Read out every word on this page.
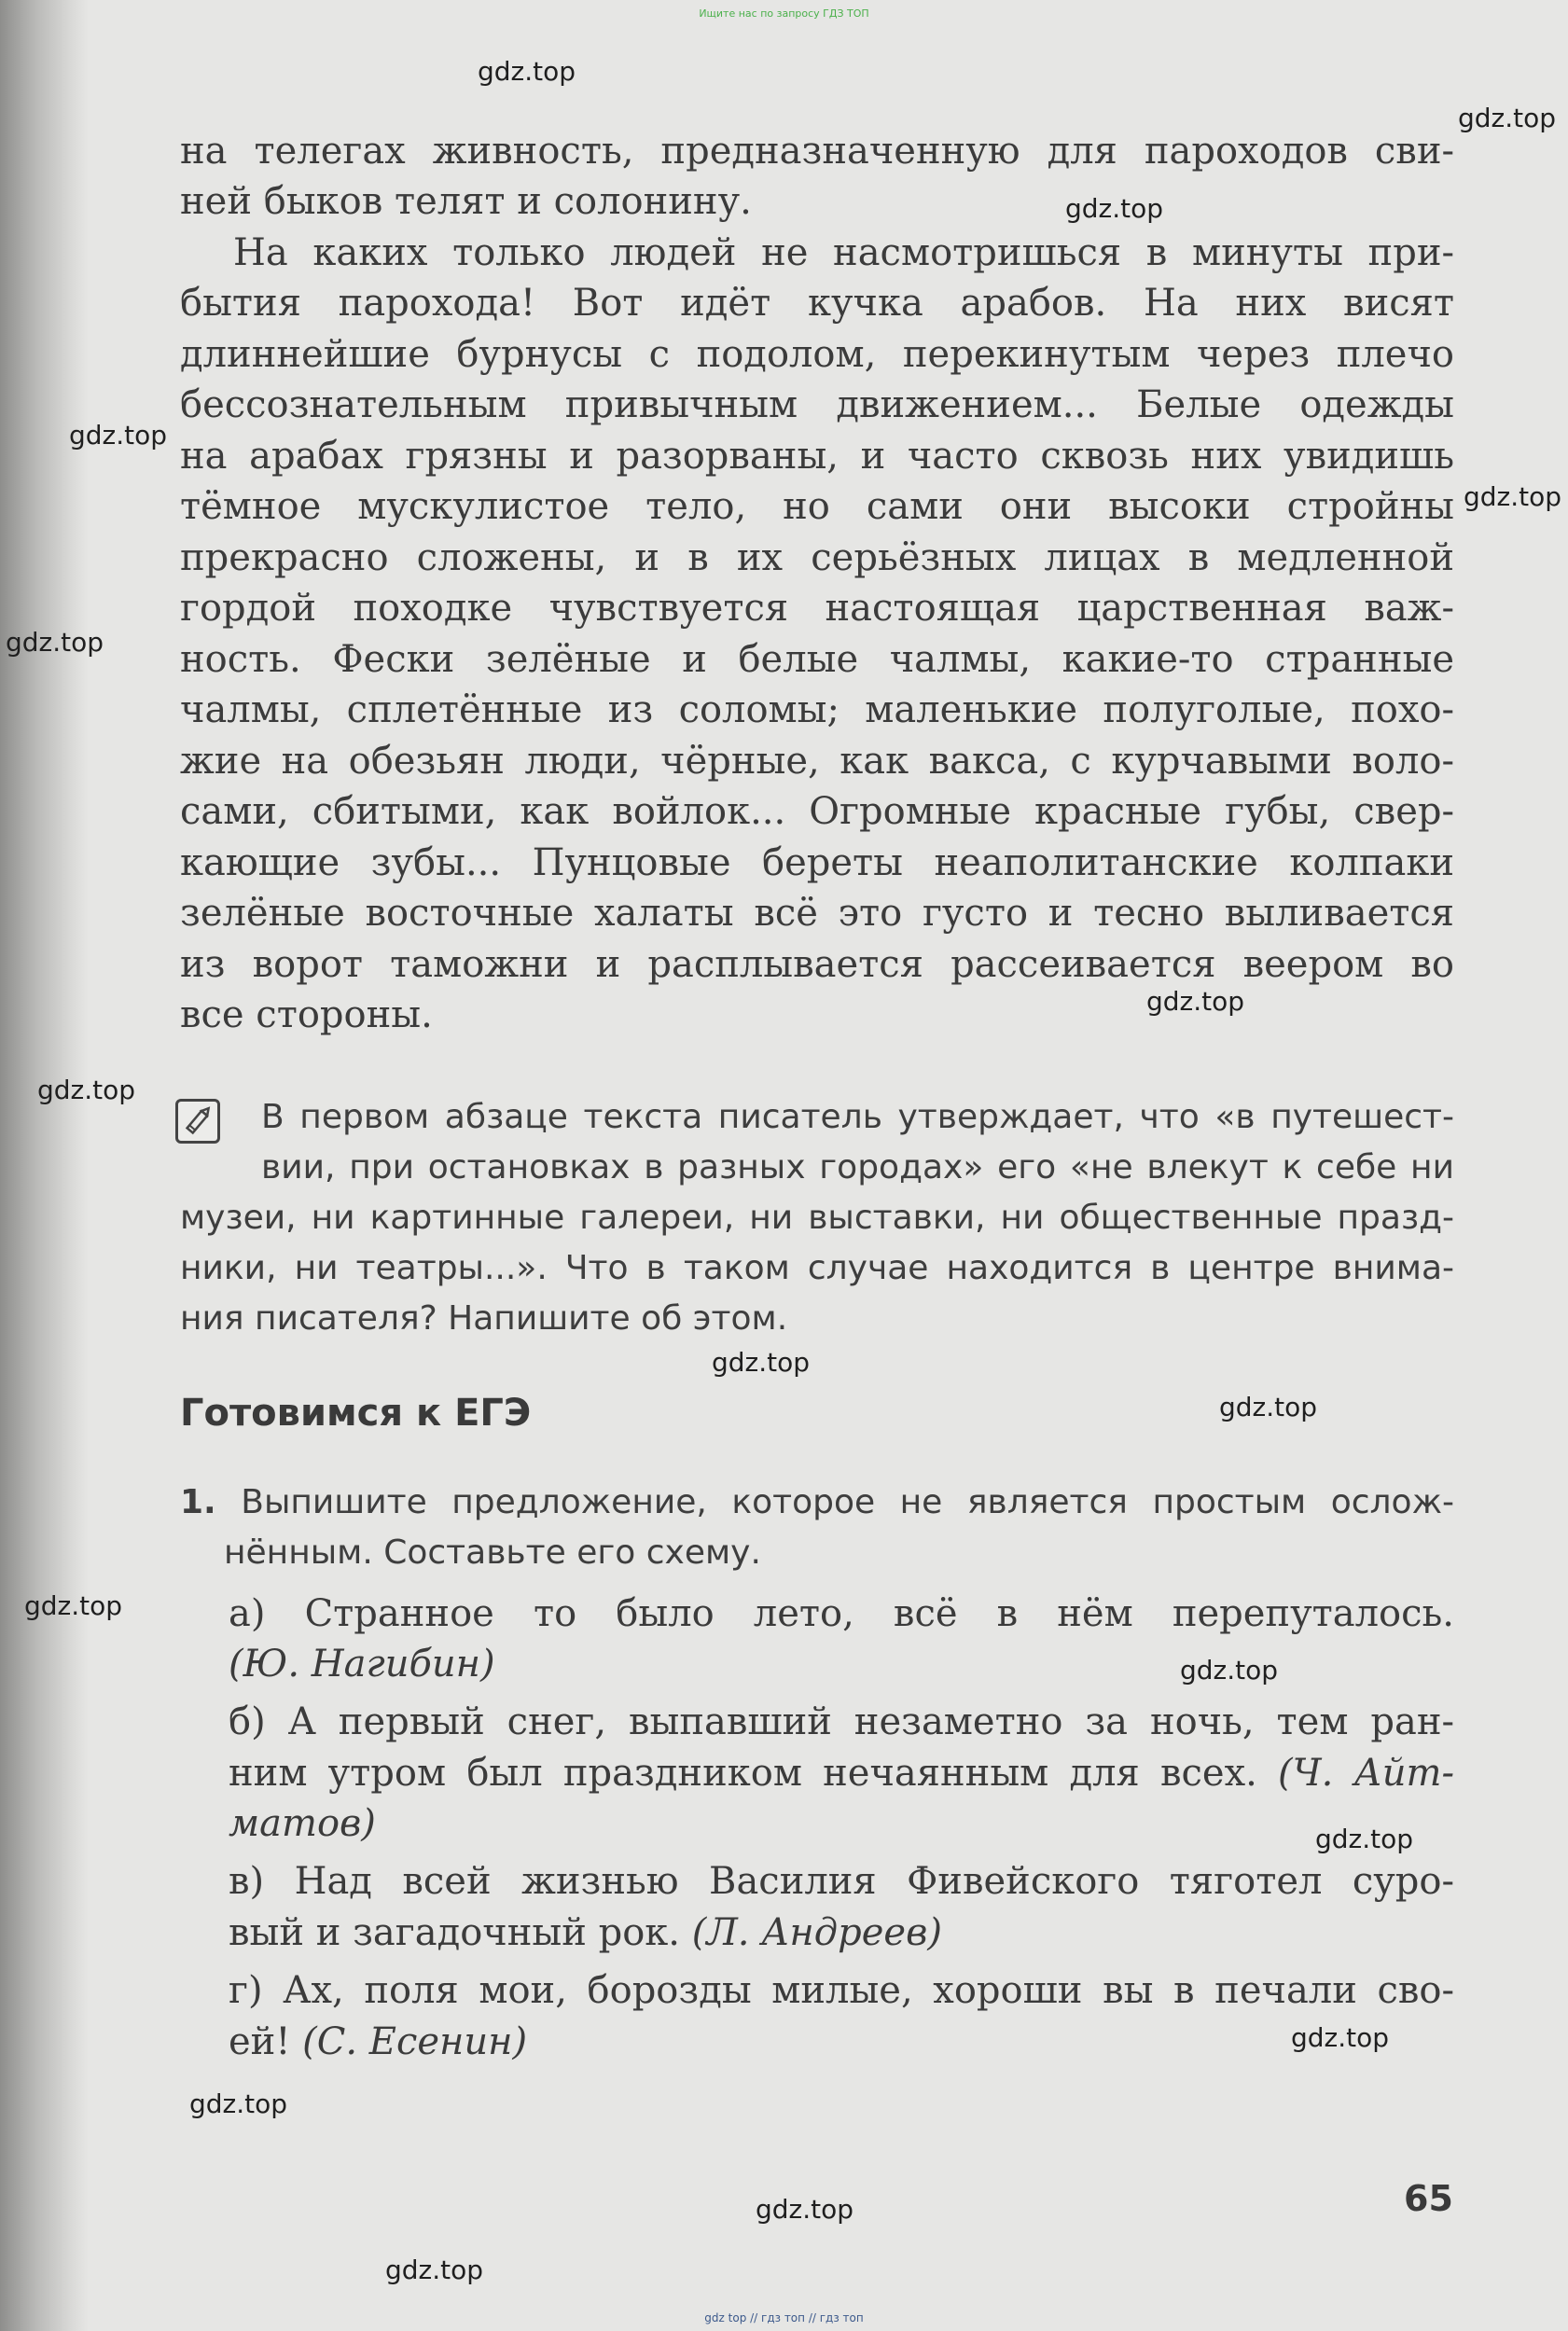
Ищите нас по запросу ГДЗ ТОП
gdz.top
gdz.top
gdz.top
gdz.top
gdz.top
gdz.top
gdz.top
gdz.top
gdz.top
gdz.top
gdz.top
gdz.top
gdz.top
gdz.top
gdz.top
gdz.top
gdz.top
на телегах живность, предназначенную для пароходов сви-
ней быков телят и солонину.
На каких только людей не насмотришься в минуты при-
бытия парохода! Вот идёт кучка арабов. На них висят
длиннейшие бурнусы с подолом, перекинутым через плечо
бессознательным привычным движением... Белые одежды
на арабах грязны и разорваны, и часто сквозь них увидишь
тёмное мускулистое тело, но сами они высоки стройны
прекрасно сложены, и в их серьёзных лицах в медленной
гордой походке чувствуется настоящая царственная важ-
ность. Фески зелёные и белые чалмы, какие-то странные
чалмы, сплетённые из соломы; маленькие полуголые, похо-
жие на обезьян люди, чёрные, как вакса, с курчавыми воло-
сами, сбитыми, как войлок... Огромные красные губы, свер-
кающие зубы... Пунцовые береты неаполитанские колпаки
зелёные восточные халаты всё это густо и тесно выливается
из ворот таможни и расплывается рассеивается веером во
все стороны.
В первом абзаце текста писатель утверждает, что «в путешест-
вии, при остановках в разных городах» его «не влекут к себе ни
музеи, ни картинные галереи, ни выставки, ни общественные празд-
ники, ни театры...». Что в таком случае находится в центре внима-
ния писателя? Напишите об этом.
Готовимся к ЕГЭ
1. Выпишите предложение, которое не является простым ослож-
нённым. Составьте его схему.
а) Странное то было лето, всё в нём перепуталось.
(Ю. Нагибин)
б) А первый снег, выпавший незаметно за ночь, тем ран-
ним утром был праздником нечаянным для всех. (Ч. Айт-
матов)
в) Над всей жизнью Василия Фивейского тяготел суро-
вый и загадочный рок. (Л. Андреев)
г) Ах, поля мои, борозды милые, хороши вы в печали сво-
ей! (С. Есенин)
65
gdz top // гдз топ // гдз топ
